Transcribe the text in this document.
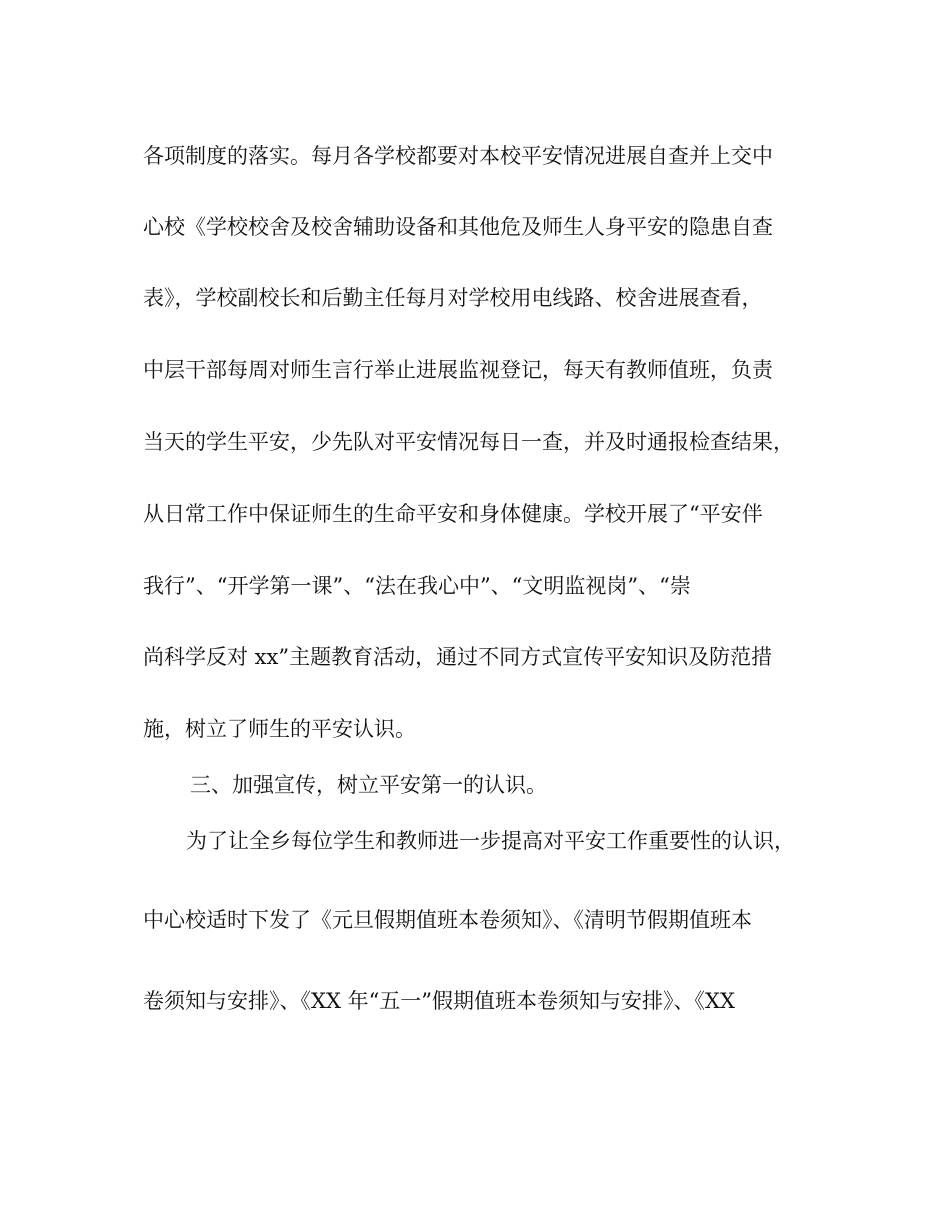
各项制度的落实。每月各学校都要对本校平安情况进展自查并上交中
心校《学校校舍及校舍辅助设备和其他危及师生人身平安的隐患自查
表》，学校副校长和后勤主任每月对学校用电线路、校舍进展查看，
中层干部每周对师生言行举止进展监视登记，每天有教师值班，负责
当天的学生平安，少先队对平安情况每日一查，并及时通报检查结果，
从日常工作中保证师生的生命平安和身体健康。学校开展了“平安伴
我行”、“开学第一课”、“法在我心中”、“文明监视岗”、“崇
尚科学反对 xx”主题教育活动，通过不同方式宣传平安知识及防范措
施，树立了师生的平安认识。
三、加强宣传，树立平安第一的认识。
为了让全乡每位学生和教师进一步提高对平安工作重要性的认识，
中心校适时下发了《元旦假期值班本卷须知》、《清明节假期值班本
卷须知与安排》、《XX 年“五一”假期值班本卷须知与安排》、《XX
